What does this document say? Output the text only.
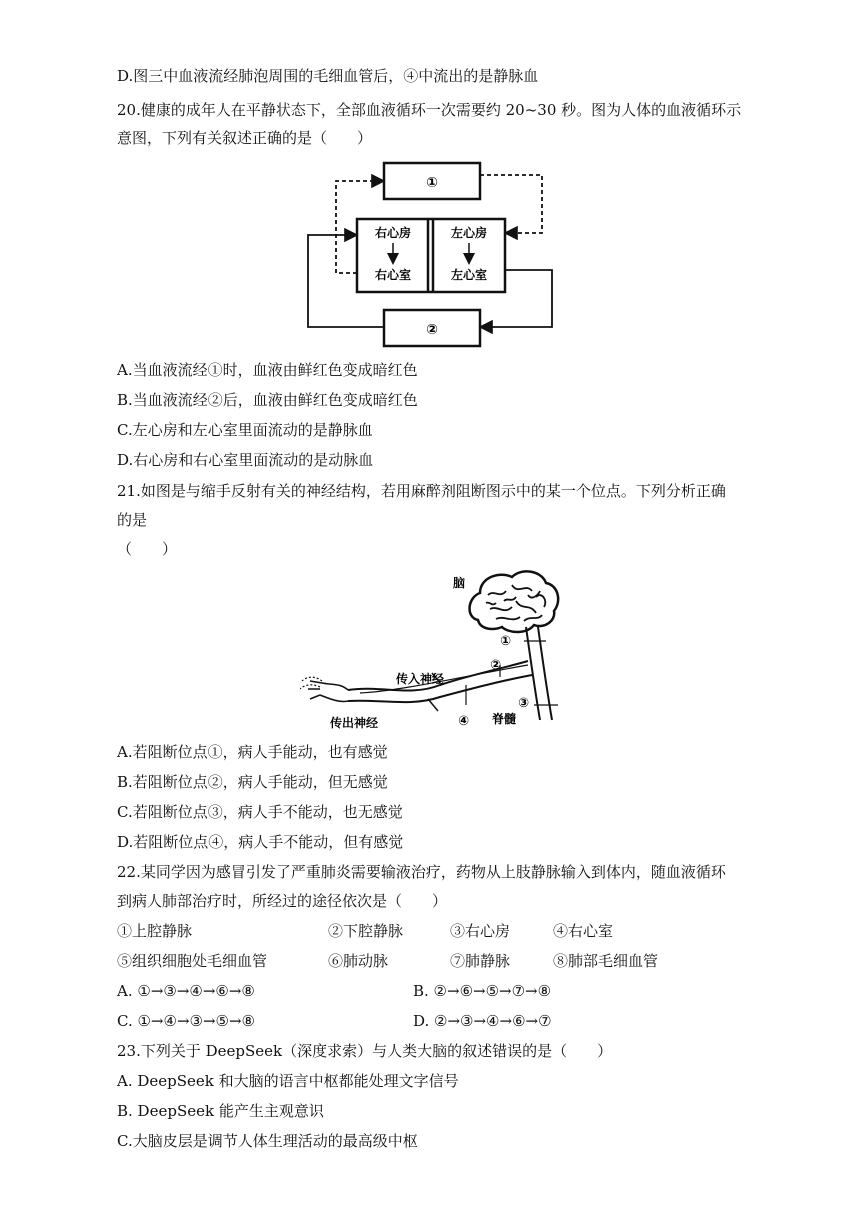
D.图三中血液流经肺泡周围的毛细血管后，④中流出的是静脉血
20.健康的成年人在平静状态下，全部血液循环一次需要约 20~30 秒。图为人体的血液循环示
意图，下列有关叙述正确的是（　　）
①
右心房
右心室
左心房
左心室
②
A.当血液流经①时，血液由鲜红色变成暗红色
B.当血液流经②后，血液由鲜红色变成暗红色
C.左心房和左心室里面流动的是静脉血
D.右心房和右心室里面流动的是动脉血
21.如图是与缩手反射有关的神经结构，若用麻醉剂阻断图示中的某一个位点。下列分析正确
的是
（　　）
脑
①
②
③
④
传入神经
传出神经	脊髓
A.若阻断位点①，病人手能动，也有感觉
B.若阻断位点②，病人手能动，但无感觉
C.若阻断位点③，病人手不能动，也无感觉
D.若阻断位点④，病人手不能动，但有感觉
22.某同学因为感冒引发了严重肺炎需要输液治疗，药物从上肢静脉输入到体内，随血液循环
到病人肺部治疗时，所经过的途径依次是（　　）
①上腔静脉	②下腔静脉	③右心房	④右心室
⑤组织细胞处毛细血管	⑥肺动脉	⑦肺静脉	⑧肺部毛细血管
A. ①→③→④→⑥→⑧	B. ②→⑥→⑤→⑦→⑧
C. ①→④→③→⑤→⑧	D. ②→③→④→⑥→⑦
23.下列关于 DeepSeek（深度求索）与人类大脑的叙述错误的是（　　）
A. DeepSeek 和大脑的语言中枢都能处理文字信号
B. DeepSeek 能产生主观意识
C.大脑皮层是调节人体生理活动的最高级中枢
